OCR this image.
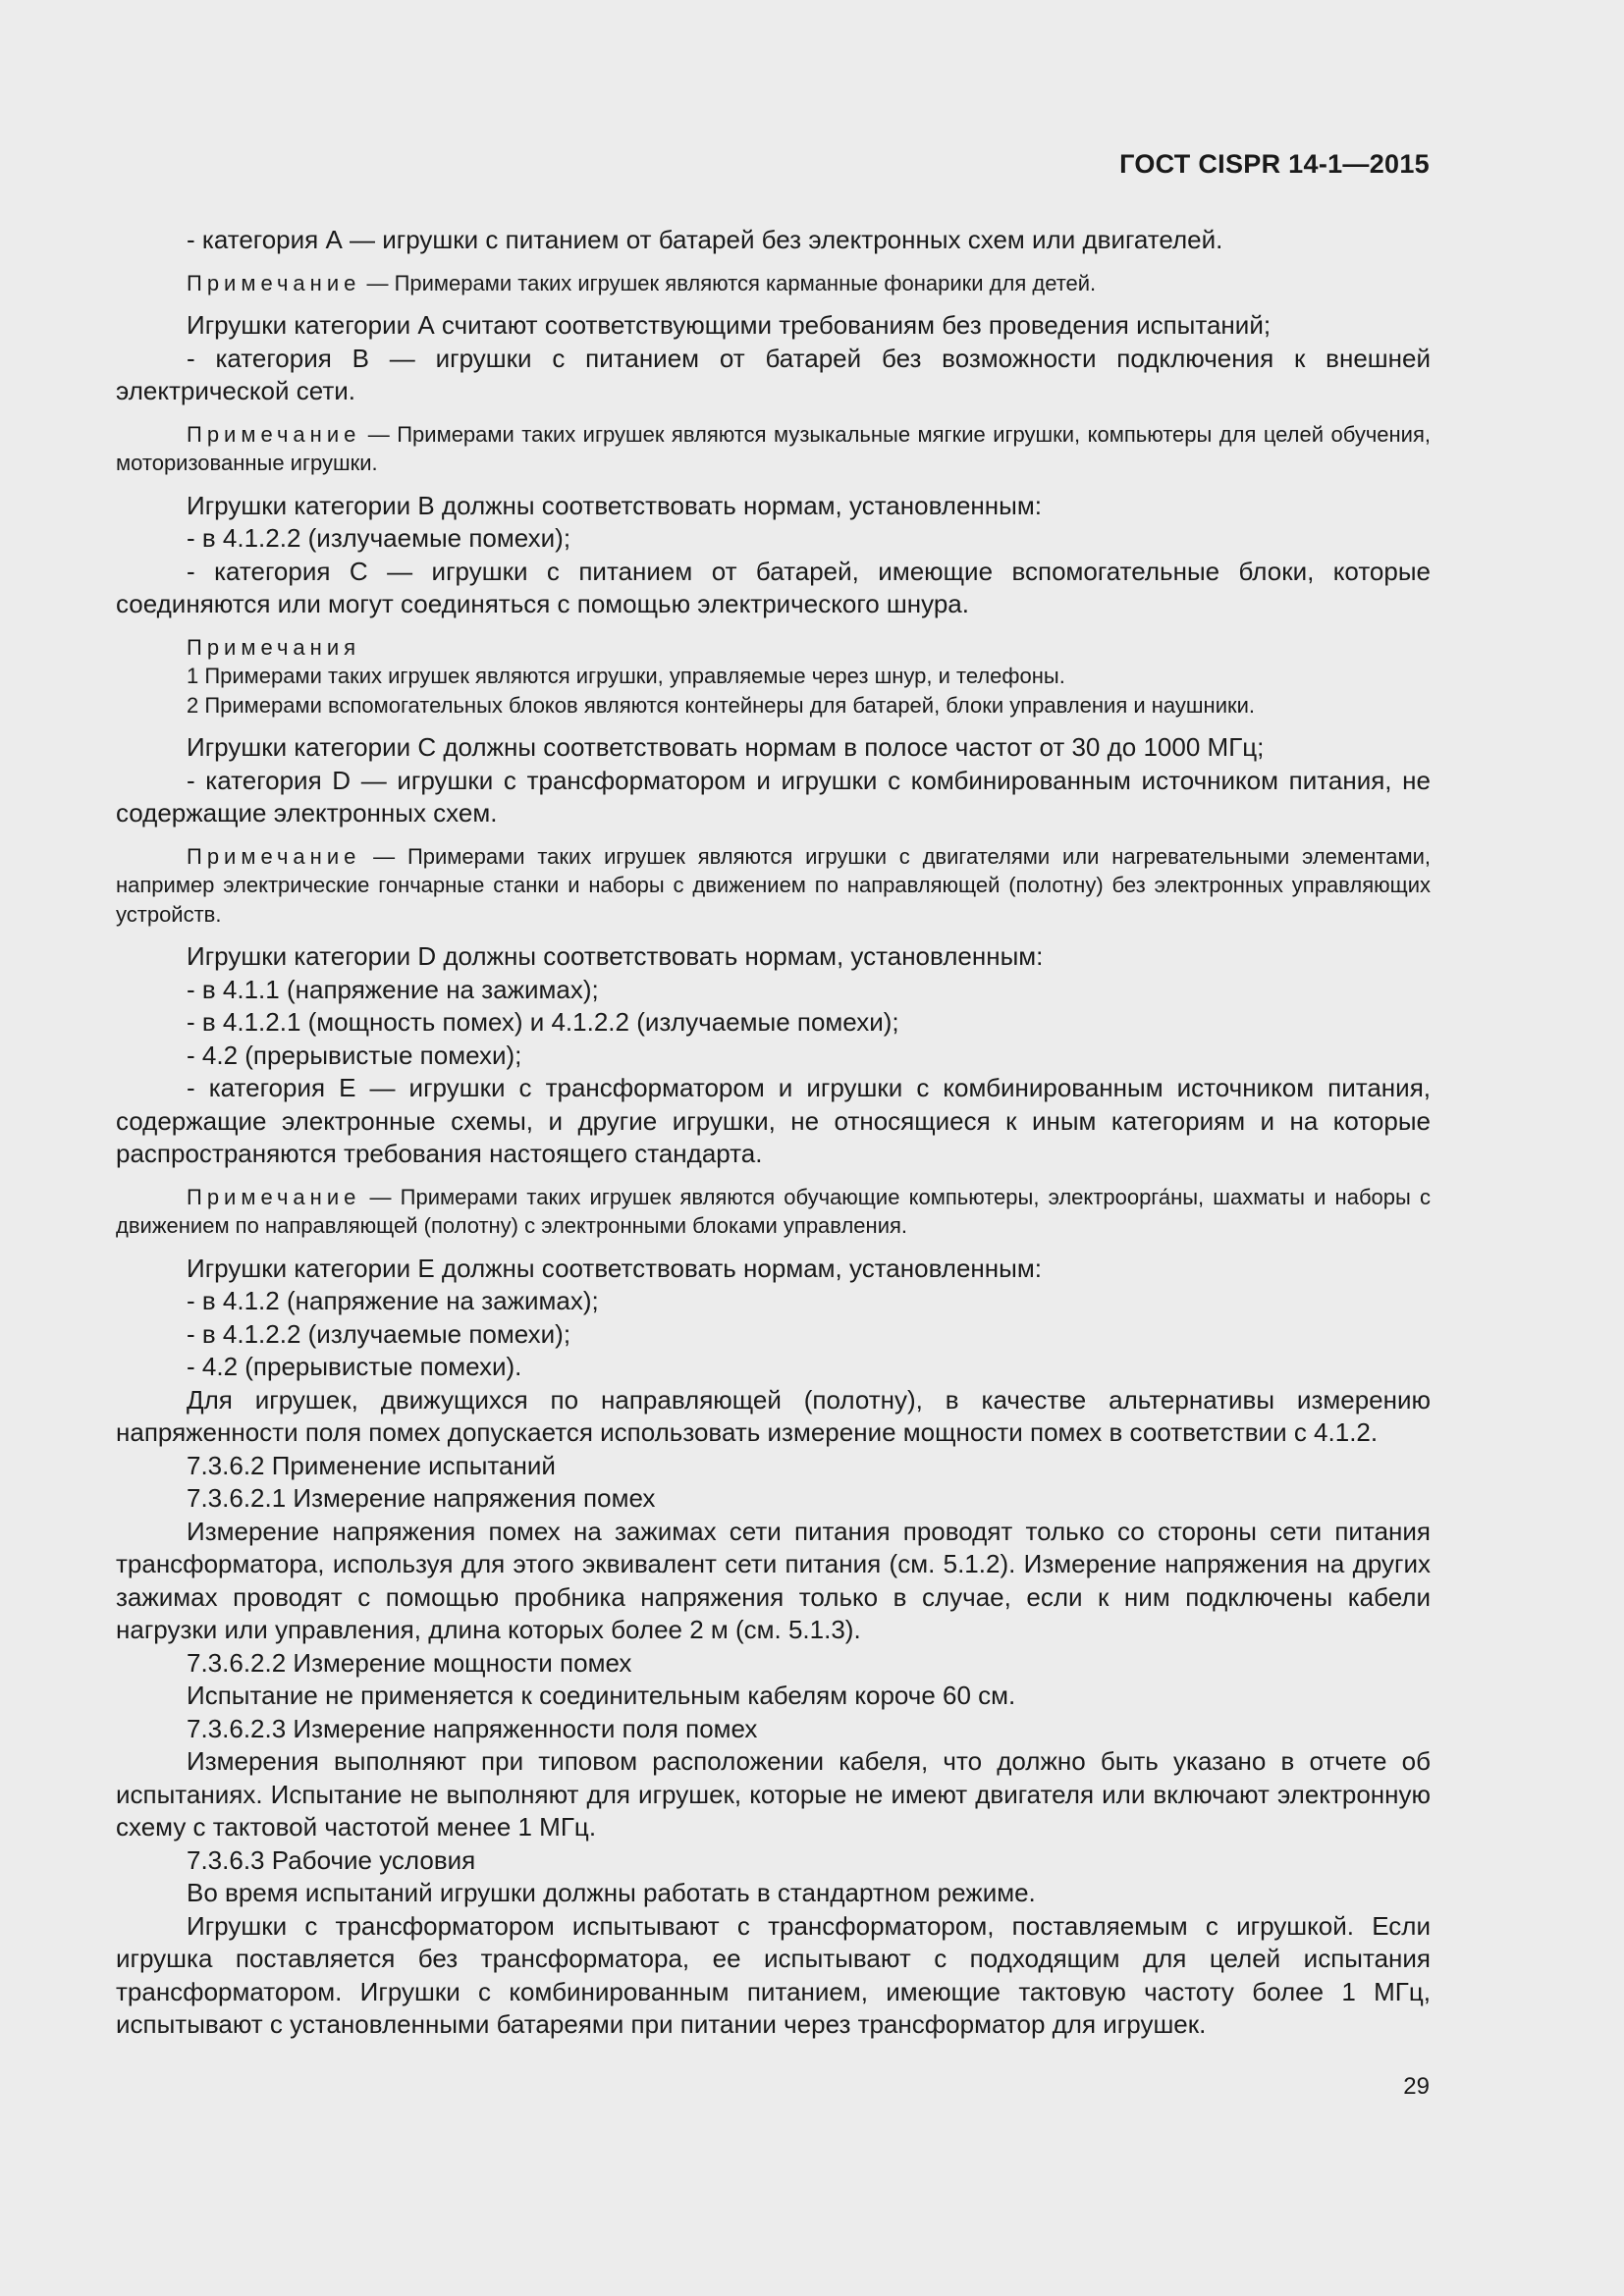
ГОСТ CISPR 14-1—2015

- категория А — игрушки с питанием от батарей без электронных схем или двигателей.

Примечание — Примерами таких игрушек являются карманные фонарики для детей.

Игрушки категории А считают соответствующими требованиям без проведения испытаний;

- категория В — игрушки с питанием от батарей без возможности подключения к внешней электрической сети.

Примечание — Примерами таких игрушек являются музыкальные мягкие игрушки, компьютеры для целей обучения, моторизованные игрушки.

Игрушки категории В должны соответствовать нормам, установленным:

- в 4.1.2.2 (излучаемые помехи);

- категория С — игрушки с питанием от батарей, имеющие вспомогательные блоки, которые соединяются или могут соединяться с помощью электрического шнура.

Примечания
1 Примерами таких игрушек являются игрушки, управляемые через шнур, и телефоны.
2 Примерами вспомогательных блоков являются контейнеры для батарей, блоки управления и наушники.

Игрушки категории С должны соответствовать нормам в полосе частот от 30 до 1000 МГц;

- категория D — игрушки с трансформатором и игрушки с комбинированным источником питания, не содержащие электронных схем.

Примечание — Примерами таких игрушек являются игрушки с двигателями или нагревательными элементами, например электрические гончарные станки и наборы с движением по направляющей (полотну) без электронных управляющих устройств.

Игрушки категории D должны соответствовать нормам, установленным:

- в 4.1.1 (напряжение на зажимах);

- в 4.1.2.1 (мощность помех) и 4.1.2.2 (излучаемые помехи);

- 4.2 (прерывистые помехи);

- категория Е — игрушки с трансформатором и игрушки с комбинированным источником питания, содержащие электронные схемы, и другие игрушки, не относящиеся к иным категориям и на которые распространяются требования настоящего стандарта.

Примечание — Примерами таких игрушек являются обучающие компьютеры, электроорга́ны, шахматы и наборы с движением по направляющей (полотну) с электронными блоками управления.

Игрушки категории Е должны соответствовать нормам, установленным:

- в 4.1.2 (напряжение на зажимах);

- в 4.1.2.2 (излучаемые помехи);

- 4.2 (прерывистые помехи).

Для игрушек, движущихся по направляющей (полотну), в качестве альтернативы измерению напряженности поля помех допускается использовать измерение мощности помех в соответствии с 4.1.2.

7.3.6.2 Применение испытаний

7.3.6.2.1 Измерение напряжения помех

Измерение напряжения помех на зажимах сети питания проводят только со стороны сети питания трансформатора, используя для этого эквивалент сети питания (см. 5.1.2). Измерение напряжения на других зажимах проводят с помощью пробника напряжения только в случае, если к ним подключены кабели нагрузки или управления, длина которых более 2 м (см. 5.1.3).

7.3.6.2.2 Измерение мощности помех

Испытание не применяется к соединительным кабелям короче 60 см.

7.3.6.2.3 Измерение напряженности поля помех

Измерения выполняют при типовом расположении кабеля, что должно быть указано в отчете об испытаниях. Испытание не выполняют для игрушек, которые не имеют двигателя или включают электронную схему с тактовой частотой менее 1 МГц.

7.3.6.3 Рабочие условия

Во время испытаний игрушки должны работать в стандартном режиме.

Игрушки с трансформатором испытывают с трансформатором, поставляемым с игрушкой. Если игрушка поставляется без трансформатора, ее испытывают с подходящим для целей испытания трансформатором. Игрушки с комбинированным питанием, имеющие тактовую частоту более 1 МГц, испытывают с установленными батареями при питании через трансформатор для игрушек.

29
